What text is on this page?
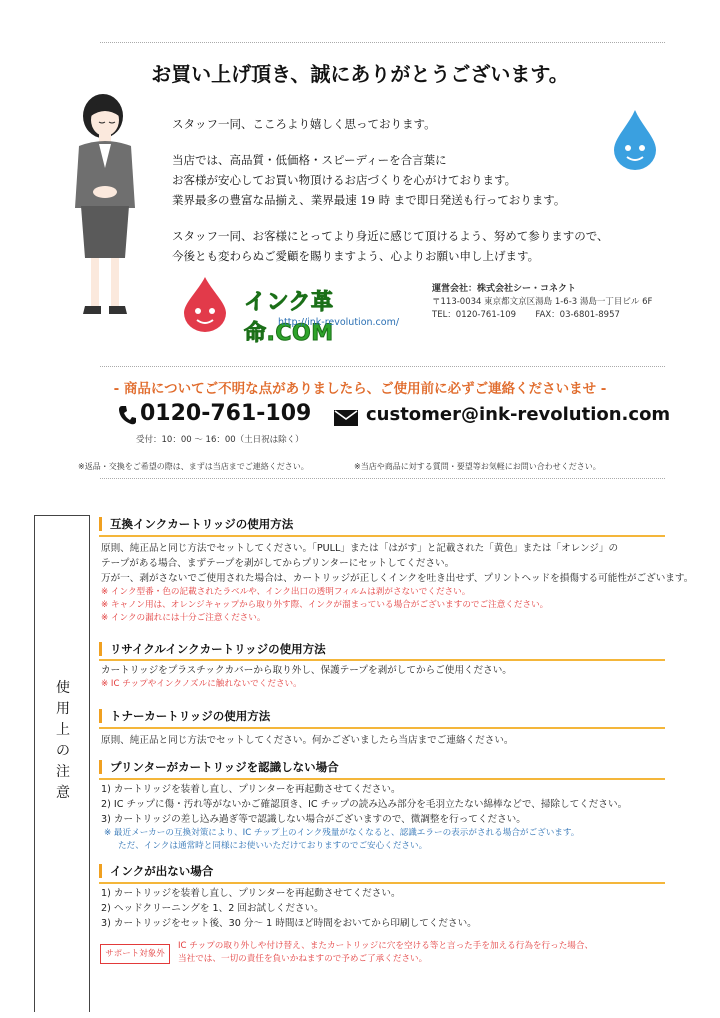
お買い上げ頂き、誠にありがとうございます。
スタッフ一同、こころより嬉しく思っております。
当店では、高品質・低価格・スピーディーを合言葉に
お客様が安心してお買い物頂けるお店づくりを心がけております。
業界最多の豊富な品揃え、業界最速 19 時 まで即日発送も行っております。
スタッフ一同、お客様にとってより身近に感じて頂けるよう、努めて参りますので、
今後とも変わらぬご愛顧を賜りますよう、心よりお願い申し上げます。
インク革命.COM
http://ink-revolution.com/
運営会社：株式会社シー・コネクト
〒113-0034 東京都文京区湯島 1-6-3 湯島一丁目ビル 6F
TEL：0120-761-109 FAX：03-6801-8957
- 商品についてご不明な点がありましたら、ご使用前に必ずご連絡くださいませ -
0120-761-109
受付：10：00 〜 16：00（土日祝は除く）
customer@ink-revolution.com
※返品・交換をご希望の際は、まずは当店までご連絡ください。	※当店や商品に対する質問・要望等お気軽にお問い合わせください。
使
用
上
の
注
意
互換インクカートリッジの使用方法
原則、純正品と同じ方法でセットしてください。「PULL」または「はがす」と記載された「黄色」または「オレンジ」の
テープがある場合、まずテープを剥がしてからプリンターにセットしてください。
万が一、剥がさないでご使用された場合は、カートリッジが正しくインクを吐き出せず、プリントヘッドを損傷する可能性がございます。
※ インク型番・色の記載されたラベルや、インク出口の透明フィルムは剥がさないでください。
※ キャノン用は、オレンジキャップから取り外す際、インクが溜まっている場合がございますのでご注意ください。
※ インクの漏れには十分ご注意ください。
リサイクルインクカートリッジの使用方法
カートリッジをプラスチックカバーから取り外し、保護テープを剥がしてからご使用ください。
※ IC チップやインクノズルに触れないでください。
トナーカートリッジの使用方法
原則、純正品と同じ方法でセットしてください。何かございましたら当店までご連絡ください。
プリンターがカートリッジを認識しない場合
1) カートリッジを装着し直し、プリンターを再起動させてください。
2) IC チップに傷・汚れ等がないかご確認頂き、IC チップの読み込み部分を毛羽立たない綿棒などで、掃除してください。
3) カートリッジの差し込み過ぎ等で認識しない場合がございますので、微調整を行ってください。
※ 最近メーカーの互換対策により、IC チップ上のインク残量がなくなると、認識エラーの表示がされる場合がございます。
ただ、インクは通常時と同様にお使いいただけておりますのでご安心ください。
インクが出ない場合
1) カートリッジを装着し直し、プリンターを再起動させてください。
2) ヘッドクリーニングを 1、2 回お試しください。
3) カートリッジをセット後、30 分〜 1 時間ほど時間をおいてから印刷してください。
サポート対象外
IC チップの取り外しや付け替え、またカートリッジに穴を空ける等と言った手を加える行為を行った場合、
当社では、一切の責任を負いかねますので予めご了承ください。
